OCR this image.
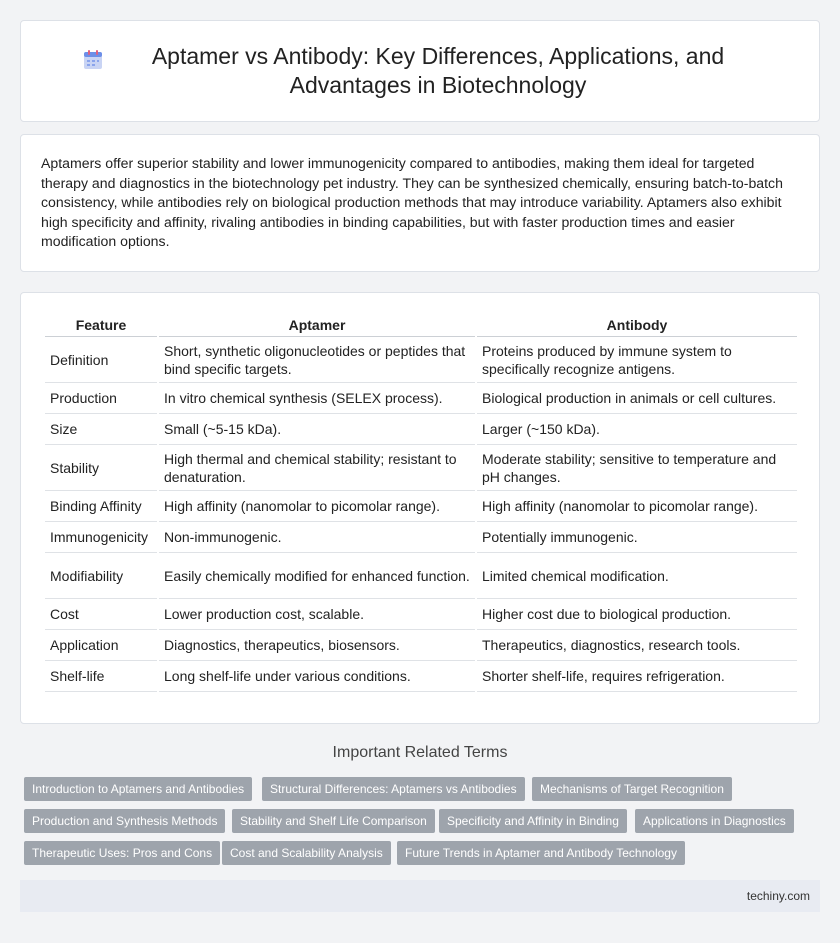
Aptamer vs Antibody: Key Differences, Applications, and Advantages in Biotechnology

Aptamers offer superior stability and lower immunogenicity compared to antibodies, making them ideal for targeted therapy and diagnostics in the biotechnology pet industry. They can be synthesized chemically, ensuring batch-to-batch consistency, while antibodies rely on biological production methods that may introduce variability. Aptamers also exhibit high specificity and affinity, rivaling antibodies in binding capabilities, but with faster production times and easier modification options.

Feature	Aptamer	Antibody
Definition	Short, synthetic oligonucleotides or peptides that bind specific targets.	Proteins produced by immune system to specifically recognize antigens.
Production	In vitro chemical synthesis (SELEX process).	Biological production in animals or cell cultures.
Size	Small (~5-15 kDa).	Larger (~150 kDa).
Stability	High thermal and chemical stability; resistant to denaturation.	Moderate stability; sensitive to temperature and pH changes.
Binding Affinity	High affinity (nanomolar to picomolar range).	High affinity (nanomolar to picomolar range).
Immunogenicity	Non-immunogenic.	Potentially immunogenic.
Modifiability	Easily chemically modified for enhanced function.	Limited chemical modification.
Cost	Lower production cost, scalable.	Higher cost due to biological production.
Application	Diagnostics, therapeutics, biosensors.	Therapeutics, diagnostics, research tools.
Shelf-life	Long shelf-life under various conditions.	Shorter shelf-life, requires refrigeration.
Important Related Terms
Introduction to Aptamers and Antibodies	Structural Differences: Aptamers vs Antibodies	Mechanisms of Target Recognition
Production and Synthesis Methods	Stability and Shelf Life Comparison	Specificity and Affinity in Binding	Applications in Diagnostics
Therapeutic Uses: Pros and Cons	Cost and Scalability Analysis	Future Trends in Aptamer and Antibody Technology
techiny.com
